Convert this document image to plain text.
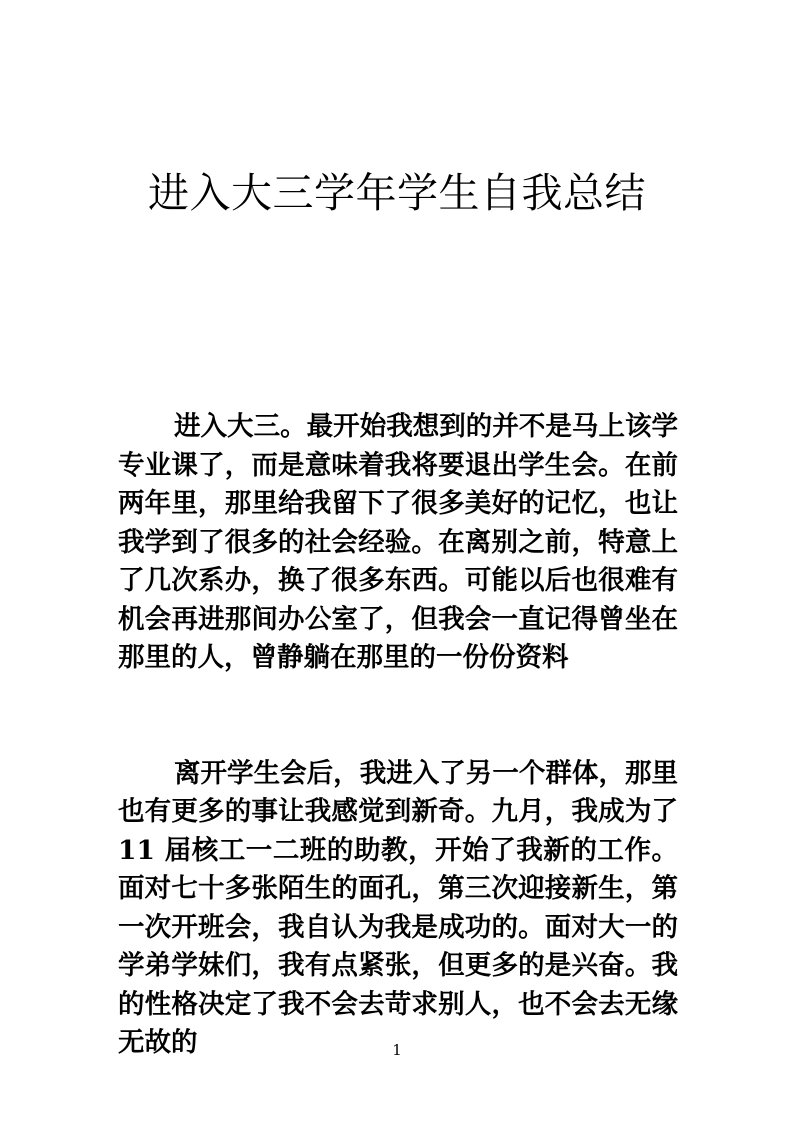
进入大三学年学生自我总结

进入大三。最开始我想到的并不是马上该学专业课了，而是意味着我将要退出学生会。在前两年里，那里给我留下了很多美好的记忆，也让我学到了很多的社会经验。在离别之前，特意上了几次系办，换了很多东西。可能以后也很难有机会再进那间办公室了，但我会一直记得曾坐在那里的人，曾静躺在那里的一份份资料

离开学生会后，我进入了另一个群体，那里也有更多的事让我感觉到新奇。九月，我成为了 11 届核工一二班的助教，开始了我新的工作。面对七十多张陌生的面孔，第三次迎接新生，第一次开班会，我自认为我是成功的。面对大一的学弟学妹们，我有点紧张，但更多的是兴奋。我的性格决定了我不会去苛求别人，也不会去无缘无故的	1
